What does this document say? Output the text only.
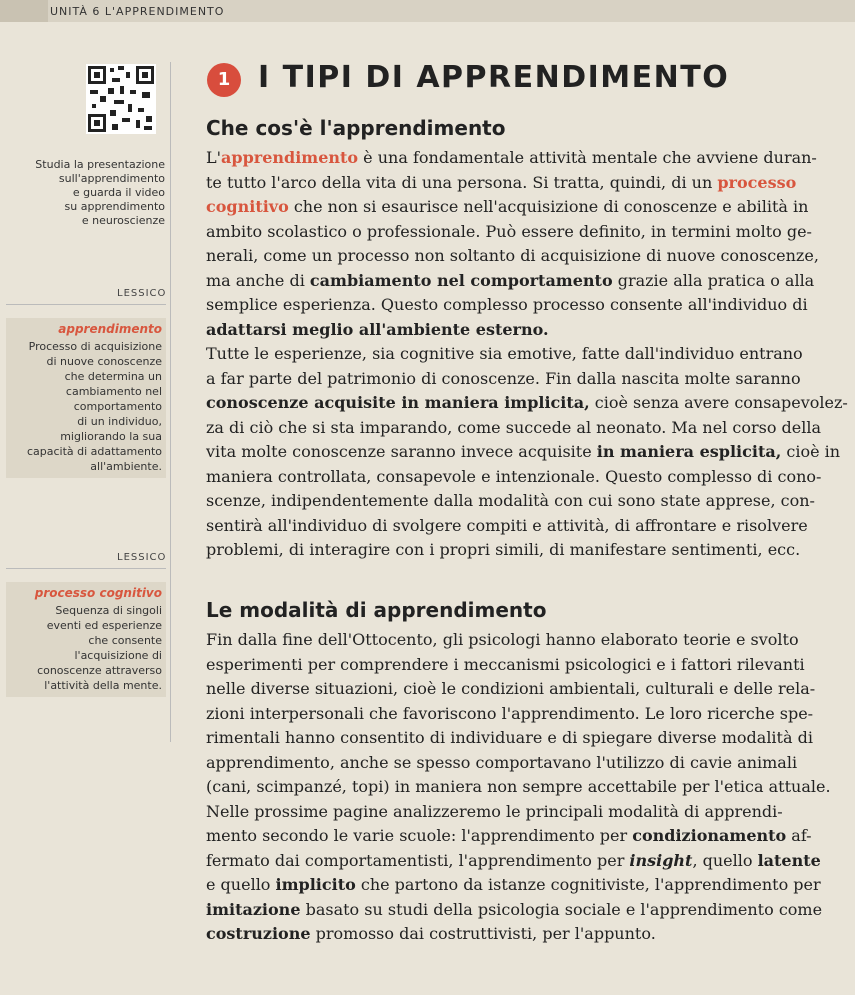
UNITÀ 6 L'APPRENDIMENTO
1 I TIPI DI APPRENDIMENTO
Studia la presentazione
sull'apprendimento
e guarda il video
su apprendimento
e neuroscienze
LESSICO
apprendimento
Processo di acquisizione
di nuove conoscenze
che determina un
cambiamento nel
comportamento
di un individuo,
migliorando la sua
capacità di adattamento
all'ambiente.
LESSICO
processo cognitivo
Sequenza di singoli
eventi ed esperienze
che consente
l'acquisizione di
conoscenze attraverso
l'attività della mente.
Che cos'è l'apprendimento
L'apprendimento è una fondamentale attività mentale che avviene duran-
te tutto l'arco della vita di una persona. Si tratta, quindi, di un processo
cognitivo che non si esaurisce nell'acquisizione di conoscenze e abilità in
ambito scolastico o professionale. Può essere definito, in termini molto ge-
nerali, come un processo non soltanto di acquisizione di nuove conoscenze,
ma anche di cambiamento nel comportamento grazie alla pratica o alla
semplice esperienza. Questo complesso processo consente all'individuo di
adattarsi meglio all'ambiente esterno.
Tutte le esperienze, sia cognitive sia emotive, fatte dall'individuo entrano
a far parte del patrimonio di conoscenze. Fin dalla nascita molte saranno
conoscenze acquisite in maniera implicita, cioè senza avere consapevolez-
za di ciò che si sta imparando, come succede al neonato. Ma nel corso della
vita molte conoscenze saranno invece acquisite in maniera esplicita, cioè in
maniera controllata, consapevole e intenzionale. Questo complesso di cono-
scenze, indipendentemente dalla modalità con cui sono state apprese, con-
sentirà all'individuo di svolgere compiti e attività, di affrontare e risolvere
problemi, di interagire con i propri simili, di manifestare sentimenti, ecc.
Le modalità di apprendimento
Fin dalla fine dell'Ottocento, gli psicologi hanno elaborato teorie e svolto
esperimenti per comprendere i meccanismi psicologici e i fattori rilevanti
nelle diverse situazioni, cioè le condizioni ambientali, culturali e delle rela-
zioni interpersonali che favoriscono l'apprendimento. Le loro ricerche spe-
rimentali hanno consentito di individuare e di spiegare diverse modalità di
apprendimento, anche se spesso comportavano l'utilizzo di cavie animali
(cani, scimpanzé, topi) in maniera non sempre accettabile per l'etica attuale.
Nelle prossime pagine analizzeremo le principali modalità di apprendi-
mento secondo le varie scuole: l'apprendimento per condizionamento af-
fermato dai comportamentisti, l'apprendimento per insight, quello latente
e quello implicito che partono da istanze cognitiviste, l'apprendimento per
imitazione basato su studi della psicologia sociale e l'apprendimento come
costruzione promosso dai costruttivisti, per l'appunto.
